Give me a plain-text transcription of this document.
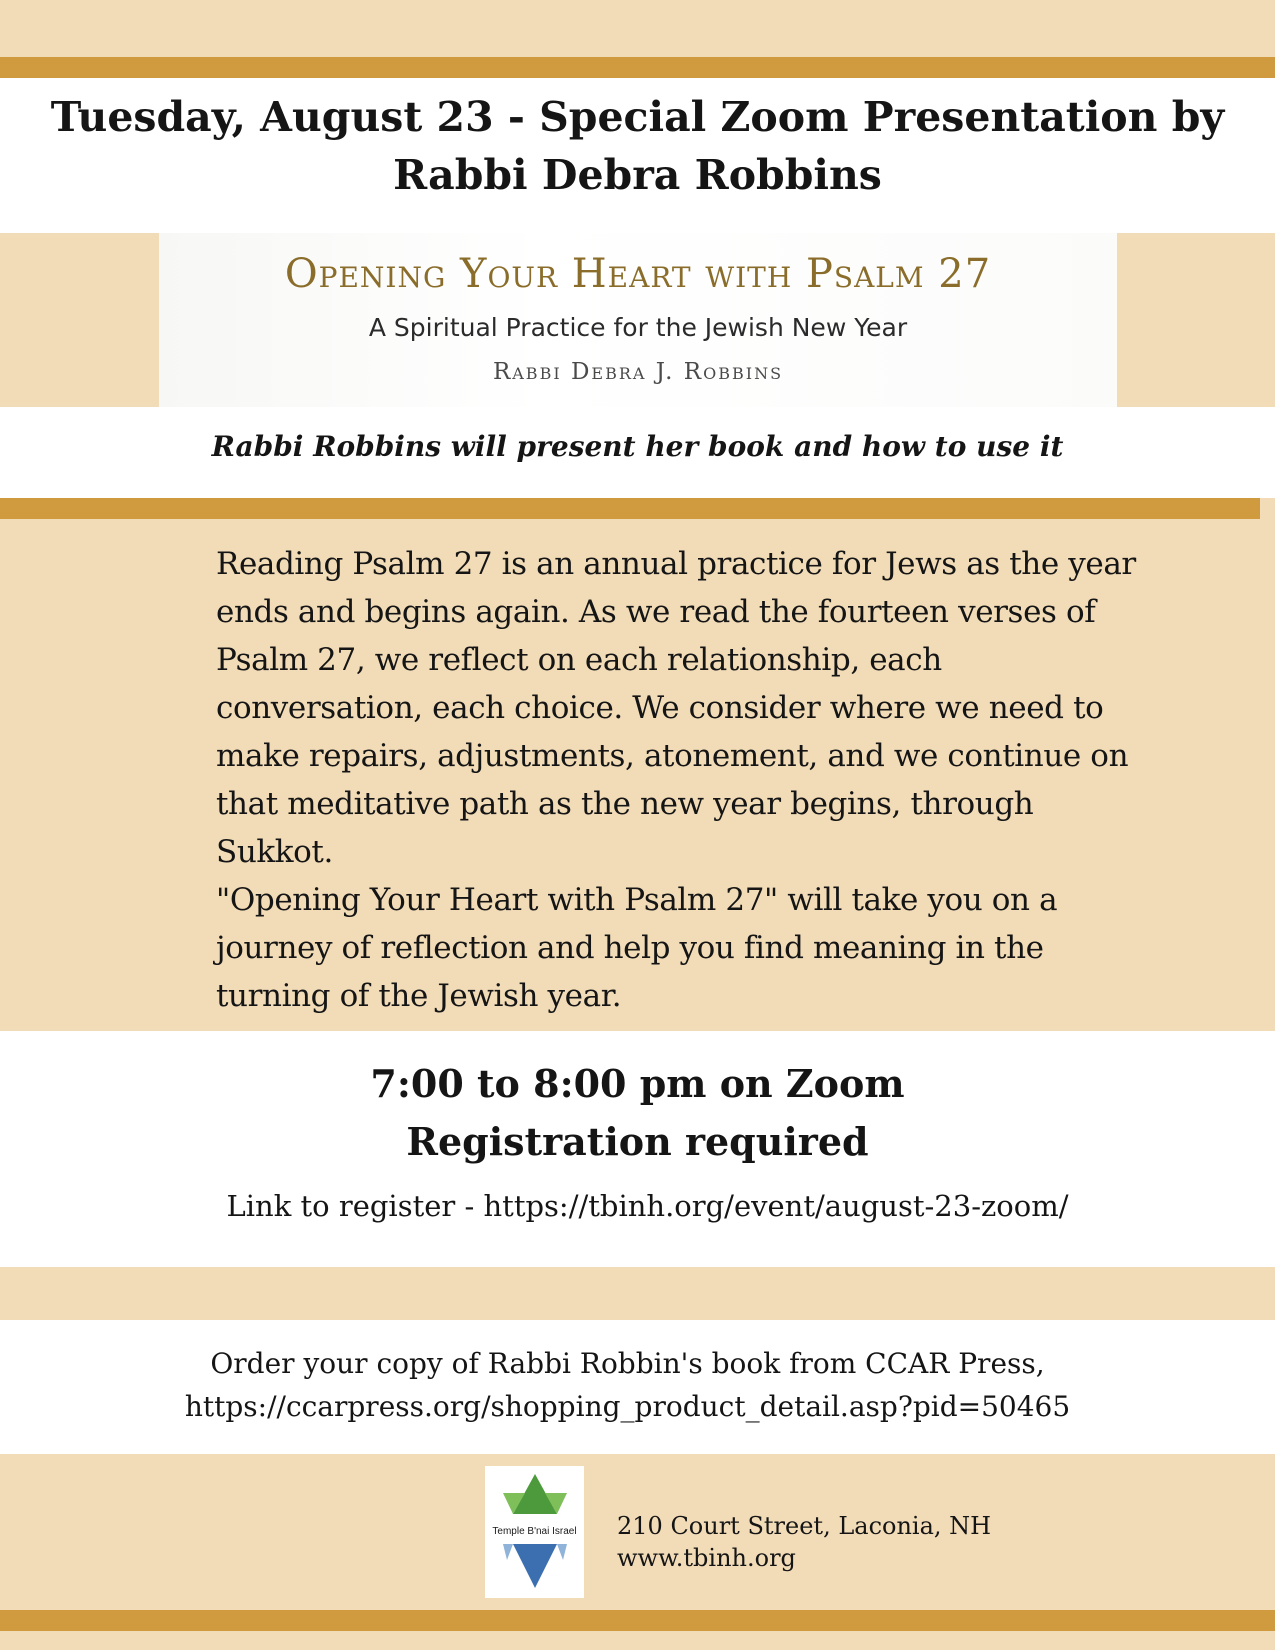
Tuesday, August 23 - Special Zoom Presentation by
Rabbi Debra Robbins
Opening Your Heart with Psalm 27
A Spiritual Practice for the Jewish New Year
Rabbi Debra J. Robbins
Rabbi Robbins will present her book and how to use it

Reading Psalm 27 is an annual practice for Jews as the year ends and begins again. As we read the fourteen verses of Psalm 27, we reflect on each relationship, each conversation, each choice. We consider where we need to make repairs, adjustments, atonement, and we continue on that meditative path as the new year begins, through Sukkot.

"Opening Your Heart with Psalm 27" will take you on a journey of reflection and help you find meaning in the turning of the Jewish year.

7:00 to 8:00 pm on Zoom
Registration required
Link to register - https://tbinh.org/event/august-23-zoom/
Order your copy of Rabbi Robbin's book from CCAR Press,
https://ccarpress.org/shopping_product_detail.asp?pid=50465
Temple B'nai Israel 210 Court Street, Laconia, NH
www.tbinh.org
